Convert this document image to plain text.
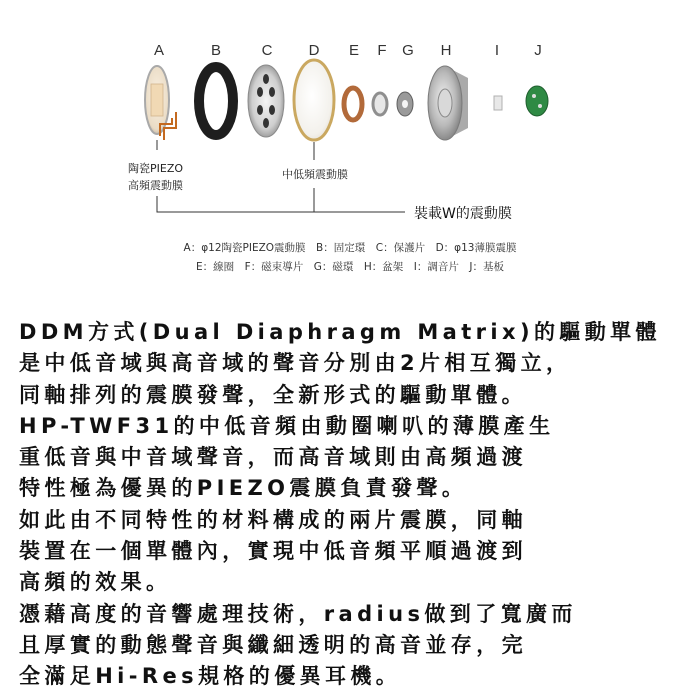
A	B	C	D	E	F	G	H	I	J
陶瓷PIEZO
高頻震動膜
中低頻震動膜
裝載W的震動膜
A：φ12陶瓷PIEZO震動膜　B：固定環　C：保護片　D：φ13薄膜震膜
E：線圈　F：磁束導片　G：磁環　H：盆架　I：調音片　J：基板
DDM方式(Dual Diaphragm Matrix)的驅動單體
是中低音域與高音域的聲音分別由2片相互獨立，
同軸排列的震膜發聲，全新形式的驅動單體。
HP-TWF31的中低音頻由動圈喇叭的薄膜產生
重低音與中音域聲音，而高音域則由高頻過渡
特性極為優異的PIEZO震膜負責發聲。
如此由不同特性的材料構成的兩片震膜，同軸
裝置在一個單體內，實現中低音頻平順過渡到
高頻的效果。
憑藉高度的音響處理技術，radius做到了寬廣而
且厚實的動態聲音與纖細透明的高音並存，完
全滿足Hi-Res規格的優異耳機。
